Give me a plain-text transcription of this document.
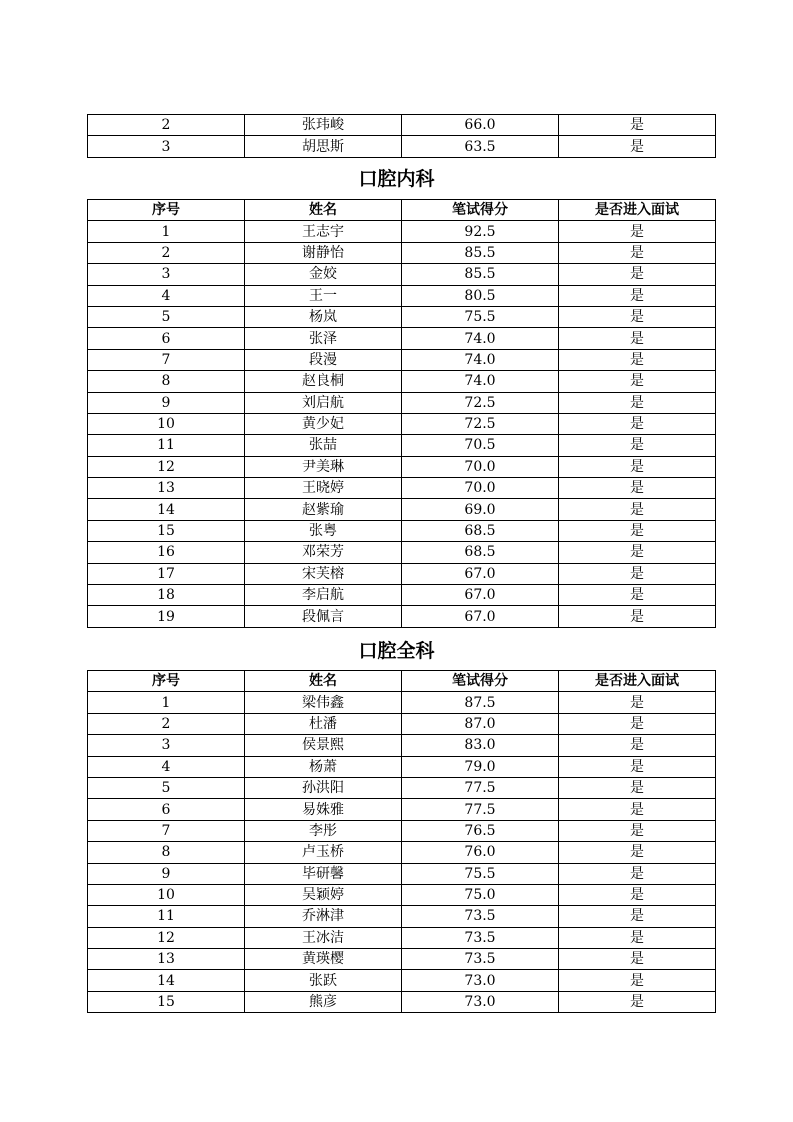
2	张玮峻	66.0	是
3	胡思斯	63.5	是
口腔内科
序号	姓名	笔试得分	是否进入面试
1	王志宇	92.5	是
2	谢静怡	85.5	是
3	金姣	85.5	是
4	王一	80.5	是
5	杨岚	75.5	是
6	张泽	74.0	是
7	段漫	74.0	是
8	赵良桐	74.0	是
9	刘启航	72.5	是
10	黄少妃	72.5	是
11	张喆	70.5	是
12	尹美琳	70.0	是
13	王晓婷	70.0	是
14	赵紫瑜	69.0	是
15	张粤	68.5	是
16	邓荣芳	68.5	是
17	宋芙榕	67.0	是
18	李启航	67.0	是
19	段佩言	67.0	是
口腔全科
序号	姓名	笔试得分	是否进入面试
1	梁伟鑫	87.5	是
2	杜潘	87.0	是
3	侯景熙	83.0	是
4	杨萧	79.0	是
5	孙洪阳	77.5	是
6	易姝雅	77.5	是
7	李彤	76.5	是
8	卢玉桥	76.0	是
9	毕研馨	75.5	是
10	吴颖婷	75.0	是
11	乔淋津	73.5	是
12	王冰洁	73.5	是
13	黄瑛樱	73.5	是
14	张跃	73.0	是
15	熊彦	73.0	是
